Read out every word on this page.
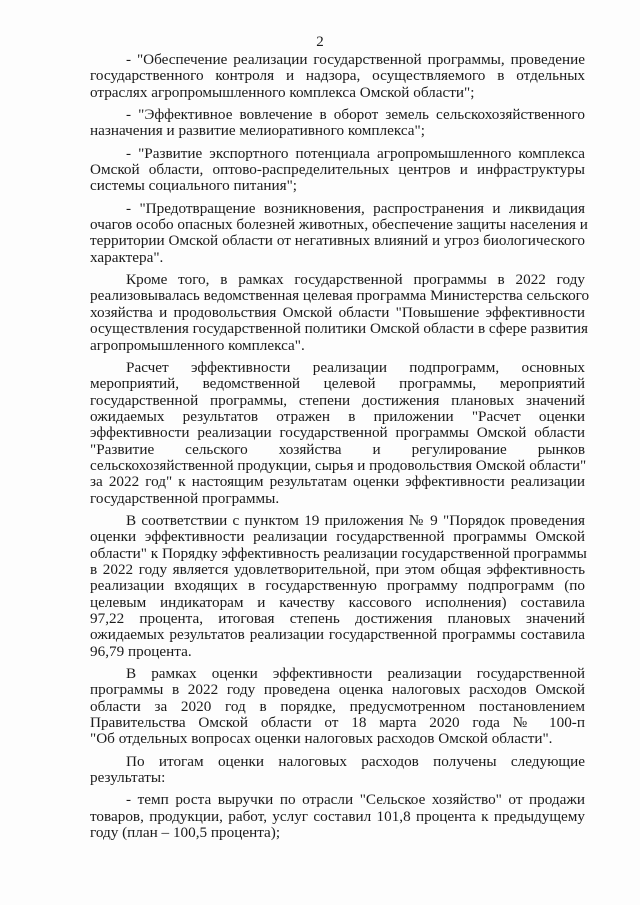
2
- "Обеспечение реализации государственной программы, проведение
государственного контроля и надзора, осуществляемого в отдельных
отраслях агропромышленного комплекса Омской области";
- "Эффективное вовлечение в оборот земель сельскохозяйственного
назначения и развитие мелиоративного комплекса";
- "Развитие экспортного потенциала агропромышленного комплекса
Омской области, оптово-распределительных центров и инфраструктуры
системы социального питания";
- "Предотвращение возникновения, распространения и ликвидация
очагов особо опасных болезней животных, обеспечение защиты населения и
территории Омской области от негативных влияний и угроз биологического
характера".
Кроме того, в рамках государственной программы в 2022 году
реализовывалась ведомственная целевая программа Министерства сельского
хозяйства и продовольствия Омской области "Повышение эффективности
осуществления государственной политики Омской области в сфере развития
агропромышленного комплекса".
Расчет эффективности реализации подпрограмм, основных
мероприятий, ведомственной целевой программы, мероприятий
государственной программы, степени достижения плановых значений
ожидаемых результатов отражен в приложении "Расчет оценки
эффективности реализации государственной программы Омской области
"Развитие сельского хозяйства и регулирование рынков
сельскохозяйственной продукции, сырья и продовольствия Омской области"
за 2022 год" к настоящим результатам оценки эффективности реализации
государственной программы.
В соответствии с пунктом 19 приложения № 9 "Порядок проведения
оценки эффективности реализации государственной программы Омской
области" к Порядку эффективность реализации государственной программы
в 2022 году является удовлетворительной, при этом общая эффективность
реализации входящих в государственную программу подпрограмм (по
целевым индикаторам и качеству кассового исполнения) составила
97,22 процента, итоговая степень достижения плановых значений
ожидаемых результатов реализации государственной программы составила
96,79 процента.
В рамках оценки эффективности реализации государственной
программы в 2022 году проведена оценка налоговых расходов Омской
области за 2020 год в порядке, предусмотренном постановлением
Правительства Омской области от 18 марта 2020 года № 100-п
"Об отдельных вопросах оценки налоговых расходов Омской области".
По итогам оценки налоговых расходов получены следующие
результаты:
- темп роста выручки по отрасли "Сельское хозяйство" от продажи
товаров, продукции, работ, услуг составил 101,8 процента к предыдущему
году (план – 100,5 процента);
